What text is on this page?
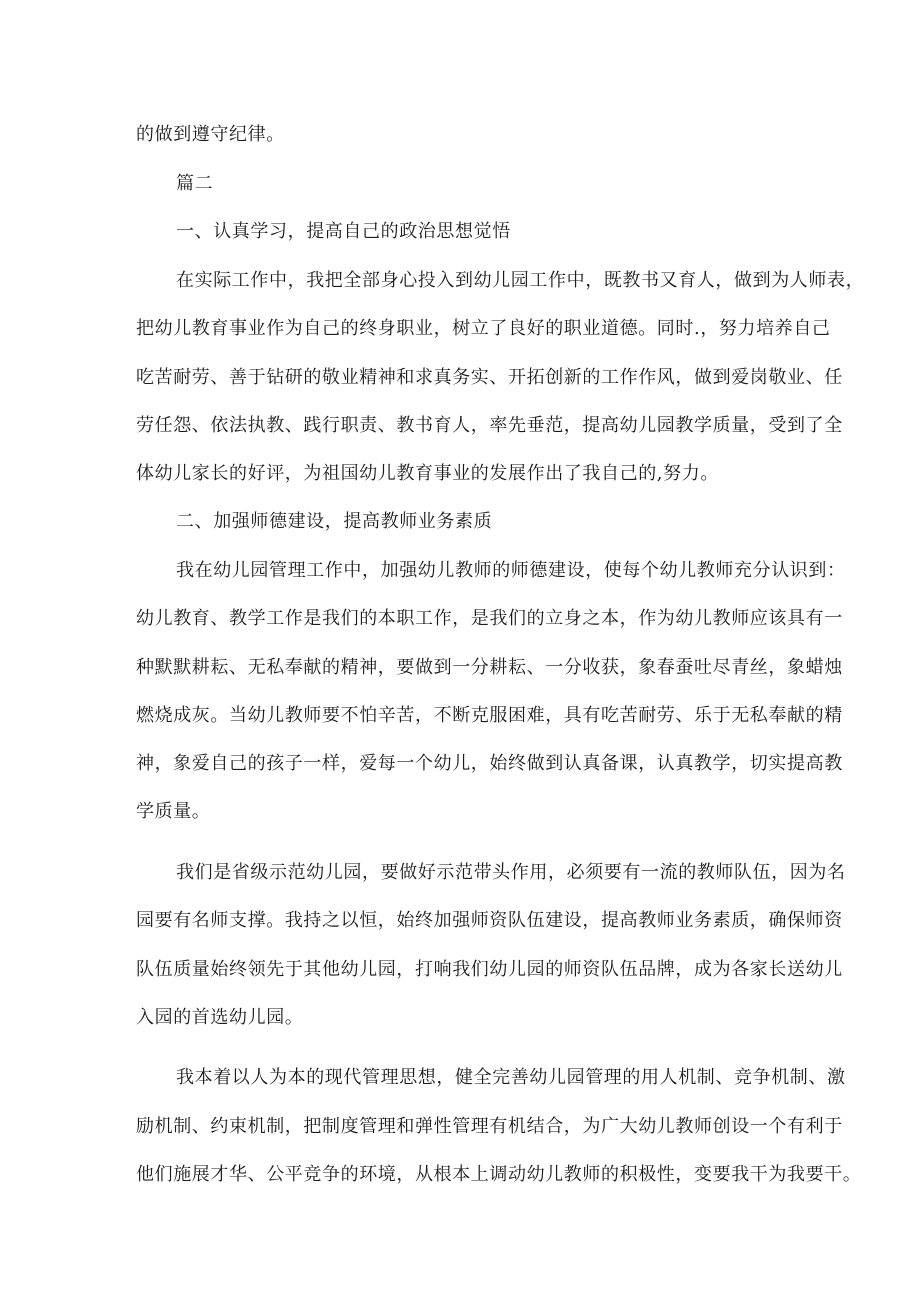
的做到遵守纪律。
篇二
一、认真学习，提高自己的政治思想觉悟
在实际工作中，我把全部身心投入到幼儿园工作中，既教书又育人，做到为人师表，
把幼儿教育事业作为自己的终身职业，树立了良好的职业道德。同时.，努力培养自己
吃苦耐劳、善于钻研的敬业精神和求真务实、开拓创新的工作作风，做到爱岗敬业、任
劳任怨、依法执教、践行职责、教书育人，率先垂范，提高幼儿园教学质量，受到了全
体幼儿家长的好评，为祖国幼儿教育事业的发展作出了我自己的,努力。
二、加强师德建设，提高教师业务素质
我在幼儿园管理工作中，加强幼儿教师的师德建设，使每个幼儿教师充分认识到：
幼儿教育、教学工作是我们的本职工作，是我们的立身之本，作为幼儿教师应该具有一
种默默耕耘、无私奉献的精神，要做到一分耕耘、一分收获，象春蚕吐尽青丝，象蜡烛
燃烧成灰。当幼儿教师要不怕辛苦，不断克服困难，具有吃苦耐劳、乐于无私奉献的精
神，象爱自己的孩子一样，爱每一个幼儿，始终做到认真备课，认真教学，切实提高教
学质量。
我们是省级示范幼儿园，要做好示范带头作用，必须要有一流的教师队伍，因为名
园要有名师支撑。我持之以恒，始终加强师资队伍建设，提高教师业务素质，确保师资
队伍质量始终领先于其他幼儿园，打响我们幼儿园的师资队伍品牌，成为各家长送幼儿
入园的首选幼儿园。
我本着以人为本的现代管理思想，健全完善幼儿园管理的用人机制、竞争机制、激
励机制、约束机制，把制度管理和弹性管理有机结合，为广大幼儿教师创设一个有利于
他们施展才华、公平竞争的环境，从根本上调动幼儿教师的积极性，变要我干为我要干。
